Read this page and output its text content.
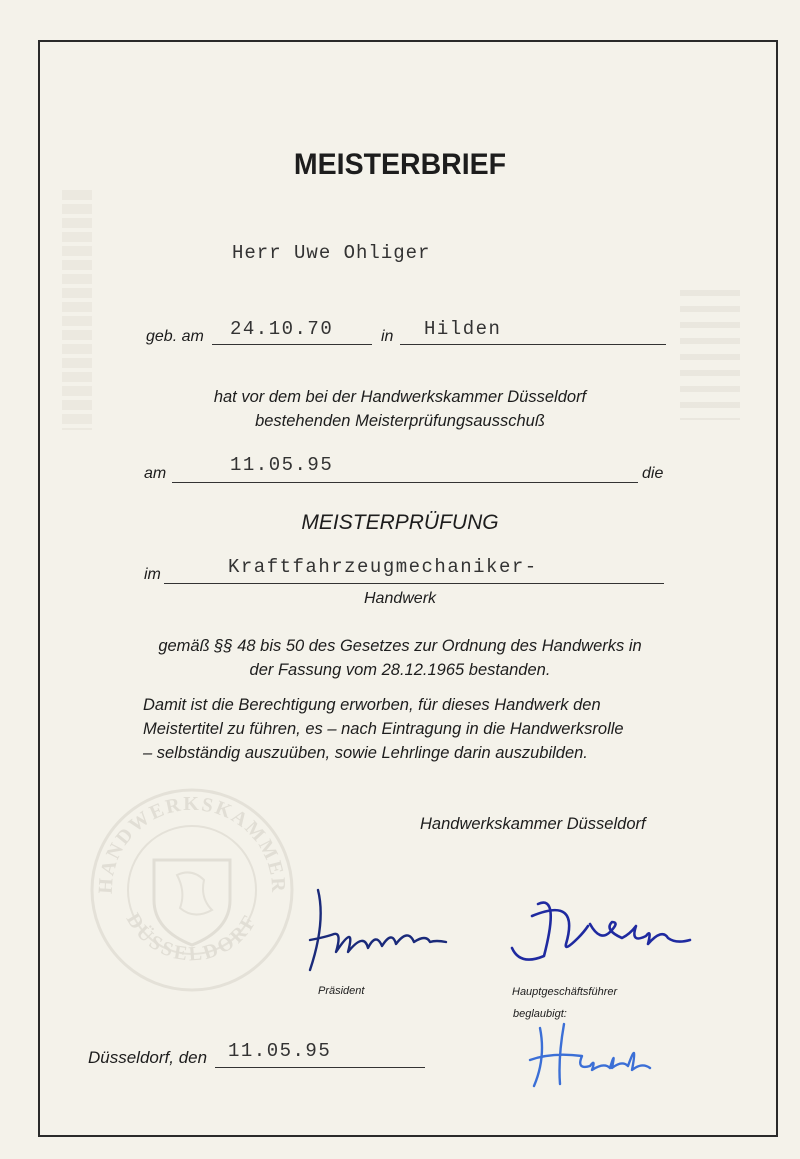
MEISTERBRIEF
Herr Uwe Ohliger
geb. am 24.10.70	in Hilden
hat vor dem bei der Handwerkskammer Düsseldorf
bestehenden Meisterprüfungsausschuß
am	11.05.95	die
MEISTERPRÜFUNG
im	Kraftfahrzeugmechaniker-
Handwerk
gemäß §§ 48 bis 50 des Gesetzes zur Ordnung des Handwerks in
der Fassung vom 28.12.1965 bestanden.
Damit ist die Berechtigung erworben, für dieses Handwerk den
Meistertitel zu führen, es – nach Eintragung in die Handwerksrolle
– selbständig auszuüben, sowie Lehrlinge darin auszubilden.
Handwerkskammer Düsseldorf
HANDWERKSKAMMER
DÜSSELDORF
Präsident	Hauptgeschäftsführer
beglaubigt:
Düsseldorf, den 11.05.95
